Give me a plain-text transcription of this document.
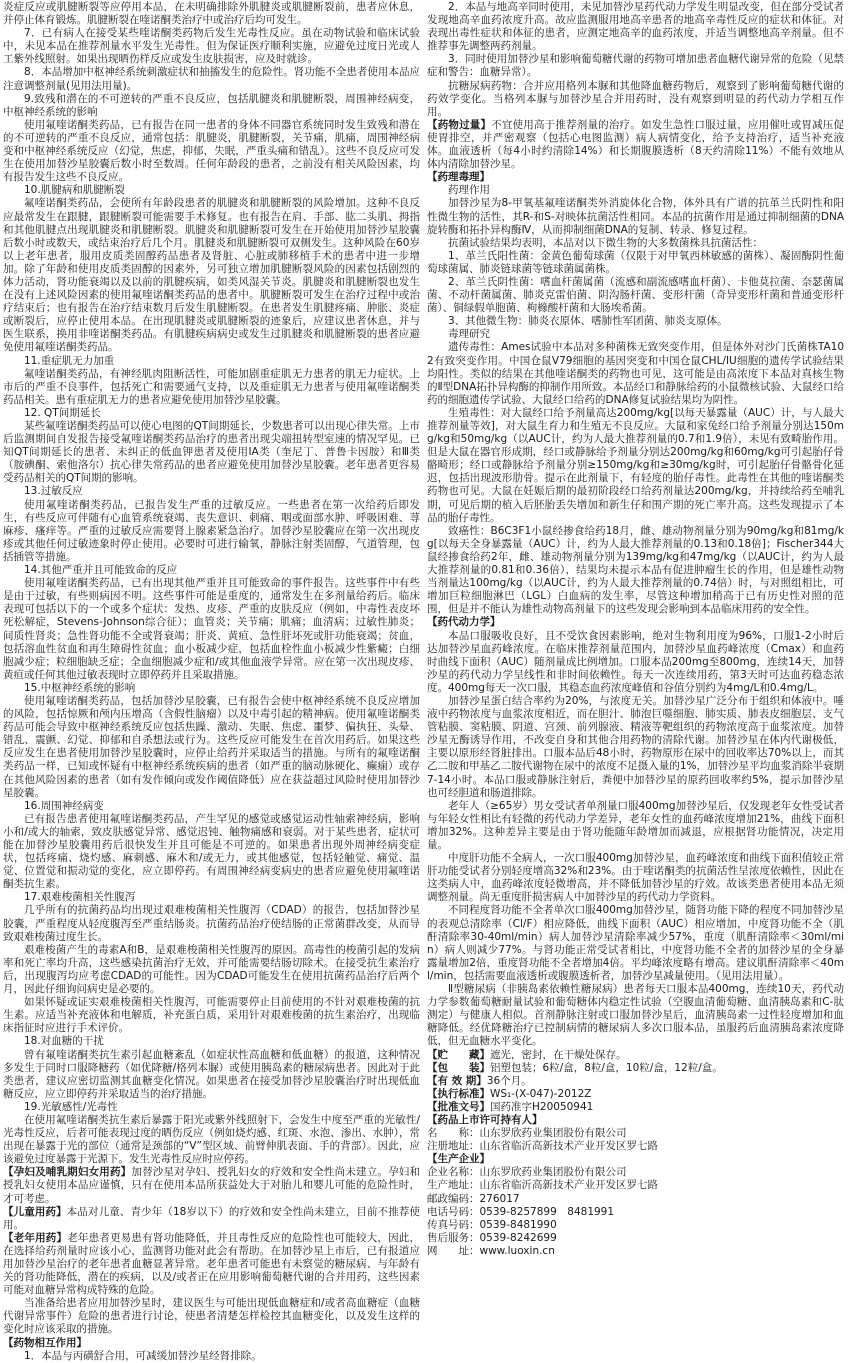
炎症反应或肌腱断裂等应停用本品，在未明确排除外肌腱炎或肌腱断裂前，患者应休息，并停止体育锻炼。肌腱断裂在喹诺酮类治疗中或治疗后均可发生。

7．已有病人在接受某些喹诺酮类药物后发生光毒性反应。虽在动物试验和临床试验中，未见本品在推荐剂量水平发生光毒性。但为保证医疗顺利实施，应避免过度日光或人工紫外线照射。如果出现晒伤样反应或发生皮肤损害，应及时就诊。

8．本品增加中枢神经系统刺激症状和抽搐发生的危险性。肾功能不全患者使用本品应注意调整剂量(见用法用量)。

9.致残和潜在的不可逆转的严重不良反应，包括肌腱炎和肌腱断裂，周围神经病变，中枢神经系统的影响

使用氟喹诺酮类药品，已有报告在同一患者的身体不同器官系统同时发生致残和潜在的不可逆转的严重不良反应，通常包括：肌腱炎，肌腱断裂，关节痛，肌痛，周围神经病变和中枢神经系统反应（幻觉，焦虑，抑郁，失眠，严重头痛和错乱）。这些不良反应可发生在使用加替沙星胶囊后数小时至数周。任何年龄段的患者，之前没有相关风险因素，均有报告发生这些不良反应。

10.肌腱病和肌腱断裂

氟喹诺酮类药品，会使所有年龄段患者的肌腱炎和肌腱断裂的风险增加。这种不良反应最常发生在跟腱，跟腱断裂可能需要手术修复。也有报告在肩、手部、肱二头肌、拇指和其他肌腱点出现肌腱炎和肌腱断裂。肌腱炎和肌腱断裂可发生在开始使用加替沙星胶囊后数小时或数天，或结束治疗后几个月。肌腱炎和肌腱断裂可双侧发生。这种风险在60岁以上老年患者，服用皮质类固醇药品患者及肾脏、心脏或肺移植手术的患者中进一步增加。除了年龄和使用皮质类固醇的因素外，另可独立增加肌腱断裂风险的因素包括剧烈的体力活动，肾功能衰竭以及以前的肌腱疾病，如类风湿关节炎。肌腱炎和肌腱断裂也发生在没有上述风险因素的使用氟喹诺酮类药品的患者中。肌腱断裂可发生在治疗过程中或治疗结束后；也有报告在治疗结束数月后发生肌腱断裂。在患者发生肌腱疼痛、肿胀、炎症或断裂后，应停止使用本品。在出现肌腱炎或肌腱断裂的迹象后，应建议患者休息，并与医生联系，换用非喹诺酮类药品。有肌腱疾病病史或发生过肌腱炎和肌腱断裂的患者应避免使用氟喹诺酮类药品。

11.重症肌无力加重

氟喹诺酮类药品，有神经肌肉阻断活性，可能加剧重症肌无力患者的肌无力症状。上市后的严重不良事件，包括死亡和需要通气支持，以及重症肌无力患者与使用氟喹诺酮类药品相关。患有重症肌无力的患者应避免使用加替沙星胶囊。

12. QT间期延长

某些氟喹诺酮类药品可以使心电图的QT间期延长，少数患者可以出现心律失常。上市后监测期间自发报告接受氟喹诺酮类药品治疗的患者出现尖端扭转型室速的情况罕见。已知QT间期延长的患者、未纠正的低血钾患者及使用IA类（奎尼丁、普鲁卡因胺）和Ⅲ类（胺碘酮、索他洛尔）抗心律失常药品的患者应避免使用加替沙星胶囊。老年患者更容易受药品相关的QT间期的影响。

13.过敏反应

使用氟喹诺酮类药品，已报告发生严重的过敏反应。一些患者在第一次给药后即发生，有些反应可伴随有心血管系统衰竭、丧失意识、刺痛、咽或面部水肿、呼吸困难、荨麻疹、瘙痒等。严重的过敏反应需要肾上腺素紧急治疗。加替沙星胶囊应在第一次出现皮疹或其他任何过敏迹象时停止使用。必要时可进行输氧，静脉注射类固醇，气道管理，包括插管等措施。

14.其他严重并且可能致命的反应

使用氟喹诺酮类药品，已有出现其他严重并且可能致命的事件报告。这些事件中有些是由于过敏，有些则病因不明。这些事件可能是重度的，通常发生在多剂量给药后。临床表现可包括以下的一个或多个症状：发热、皮疹、严重的皮肤反应（例如，中毒性表皮坏死松解症，Stevens-Johnson综合征）；血管炎；关节痛；肌痛；血清病；过敏性肺炎；间质性肾炎；急性肾功能不全或肾衰竭；肝炎、黄疸、急性肝坏死或肝功能衰竭；贫血，包括溶血性贫血和再生障碍性贫血；血小板减少症，包括血栓性血小板减少性紫癜；白细胞减少症；粒细胞缺乏症；全血细胞减少症和/或其他血液学异常。应在第一次出现皮疹、黄疸或任何其他过敏表现时立即停药并且采取措施。

15.中枢神经系统的影响

使用氟喹诺酮类药品，包括加替沙星胶囊，已有报告会使中枢神经系统不良反应增加的风险，包括惊厥和颅内压增高（含假性脑瘤）以及中毒引起的精神病。使用氟喹诺酮类药品可能会导致中枢神经系统反应包括焦躁、激动、失眠、焦虑、噩梦、偏执狂、头晕、错乱、震颤、幻觉、抑郁和自杀想法或行为。这些反应可能发生在首次用药后。如果这些反应发生在患者使用加替沙星胶囊时，应停止给药并采取适当的措施。与所有的氟喹诺酮类药品一样，已知或怀疑有中枢神经系统疾病的患者（如严重的脑动脉硬化、癫痫）或存在其他风险因素的患者（如有发作倾向或发作阈值降低）应在获益超过风险时使用加替沙星胶囊。

16.周围神经病变

已有报告患者使用氟喹诺酮类药品，产生罕见的感觉或感觉运动性轴索神经病，影响小和/或大的轴索，致皮肤感觉异常、感觉迟钝、触物痛感和衰弱。对于某些患者，症状可能在加替沙星胶囊用药后很快发生并且可能是不可逆的。如果患者出现外周神经病变症状，包括疼痛、烧灼感、麻刺感、麻木和/或无力，或其他感觉，包括轻触觉、痛觉、温觉、位置觉和振动觉的变化，应立即停药。有周围神经病变病史的患者应避免使用氟喹诺酮类抗生素。

17.艰难梭菌相关性腹泻

几乎所有的抗菌药品均出现过艰难梭菌相关性腹泻（CDAD）的报告，包括加替沙星胶囊，严重程度从轻度腹泻至严重结肠炎。抗菌药品治疗使结肠的正常菌群改变，从而导致艰难梭菌过度生长。

艰难梭菌产生的毒素A和B，是艰难梭菌相关性腹泻的原因。高毒性的梭菌引起的发病率和死亡率均升高，这些感染抗菌治疗无效，并可能需要结肠切除术。在接受抗生素治疗后，出现腹泻均应考虑CDAD的可能性。因为CDAD可能发生在使用抗菌药品治疗后两个月，因此仔细询问病史是必要的。

如果怀疑或证实艰难梭菌相关性腹泻，可能需要停止目前使用的不针对艰难梭菌的抗生素。应适当补充液体和电解质，补充蛋白质，采用针对艰难梭菌的抗生素治疗，出现临床指征时应进行手术评价。

18.对血糖的干扰

曾有氟喹诺酮类抗生素引起血糖紊乱（如症状性高血糖和低血糖）的报道，这种情况多发生于同时口服降糖药（如优降糖/格列本脲）或使用胰岛素的糖尿病患者。因此对于此类患者，建议应密切监测其血糖变化情况。如果患者在接受加替沙星胶囊治疗时出现低血糖反应，应立即停药并采取适当的治疗措施。

19.光敏感性/光毒性

在使用氟喹诺酮类抗生素后暴露于阳光或紫外线照射下，会发生中度至严重的光敏性/光毒性反应，后者可能表现过度的晒伤反应（例如烧灼感、红斑、水泡、渗出、水肿），常出现在暴露于光的部位（通常是颈部的“V”型区域、前臂伸肌表面、手的背部）。因此，应该避免过度暴露于光源下。发生光毒性反应时应停药。

【孕妇及哺乳期妇女用药】加替沙星对孕妇、授乳妇女的疗效和安全性尚未建立。孕妇和授乳妇女使用本品应谨慎，只有在使用本品所获益处大于对胎儿和婴儿可能的危险性时，才可考虑。

【儿童用药】本品对儿童、青少年（18岁以下）的疗效和安全性尚未建立，目前不推荐使用。

【老年用药】老年患者更易患有肾功能降低，并且毒性反应的危险性也可能较大，因此，在选择给药剂量时应该小心，监测肾功能对此会有帮助。在加替沙星上市后，已有报道应用加替沙星治疗的老年患者血糖显著异常。老年患者可能患有未察觉的糖尿病、与年龄有关的肾功能降低，潜在的疾病，以及/或者正在应用影响葡萄糖代谢的合并用药，这些因素可能对血糖异常构成特殊的危险。

当准备给患者应用加替沙星时，建议医生与可能出现低血糖症和/或者高血糖症（血糖代谢异常事件）危险的患者进行讨论，使患者清楚怎样检控其血糖变化，以及发生这样的变化时应该采取的措施。

【药物相互作用】

1．本品与丙磺舒合用，可减缓加替沙星经肾排除。

2．本品与地高辛同时使用，未见加替沙星药代动力学发生明显改变，但在部分受试者发现地高辛血药浓度升高。故应监测服用地高辛患者的地高辛毒性反应的症状和体征。对表现出毒性症状和体征的患者，应测定地高辛的血药浓度，并适当调整地高辛剂量。但不推荐事先调整两药剂量。

3．同时使用加替沙星和影响葡萄糖代谢的药物可增加患者血糖代谢异常的危险（见禁症和警告：血糖异常）。

抗糖尿病药物：合并应用格列本脲和其他降血糖药物后，观察到了影响葡萄糖代谢的药效学变化。当格列本脲与加替沙星合并用药时，没有观察到明显的药代动力学相互作用。

【药物过量】不宜使用高于推荐剂量的治疗。如发生急性口服过量，应用催吐或胃减压促使胃排空，并严密观察（包括心电图监测）病人病情变化，给予支持治疗，适当补充液体。血液透析（每4小时约清除14%）和长期腹膜透析（8天约清除11%）不能有效地从体内清除加替沙星。

【药理毒理】

药理作用

加替沙星为8-甲氧基氟喹诺酮类外消旋体化合物，体外具有广谱的抗革兰氏阴性和阳性微生物的活性，其R-和S-对映体抗菌活性相同。本品的抗菌作用是通过抑制细菌的DNA旋转酶和拓扑异构酶Ⅳ，从而抑制细菌DNA的复制、转录、修复过程。

抗菌试验结果均表明，本品对以下微生物的大多数菌株具抗菌活性：

1、革兰氏阳性菌：金黄色葡萄球菌（仅限于对甲氧西林敏感的菌株）、凝固酶阴性葡萄球菌属、肺炎链球菌等链球菌属菌株。

2、革兰氏阴性菌：嗜血杆菌属菌（流感和副流感嗜血杆菌）、卡他莫拉菌、奈瑟菌属菌、不动杆菌属菌、肺炎克雷伯菌、阴沟肠杆菌、变形杆菌（奇异变形杆菌和普通变形杆菌）、铜绿假单胞菌、枸橼酸杆菌和大肠埃希菌。

3、其他微生物：肺炎衣原体、嗜肺性军团菌、肺炎支原体。

毒理研究

遗传毒性：Ames试验中本品对多种菌株无致突变作用，但是体外对沙门氏菌株TA102有致突变作用。中国仓鼠V79细胞的基因突变和中国仓鼠CHL/IU细胞的遗传学试验结果均阳性。类似的结果在其他喹诺酮类的药物也可见，这可能是由高浓度下本品对真核生物的Ⅱ型DNA拓扑异构酶的抑制作用所致。本品经口和静脉给药的小鼠微核试验、大鼠经口给药的细胞遗传学试验、大鼠经口给药的DNA修复试验结果均为阴性。

生殖毒性：对大鼠经口给予剂量高达200mg/kg[以每天暴露量（AUC）计，与人最大推荐剂量等效]，对大鼠生育力和生殖无不良反应。大鼠和家兔经口给予剂量分别达150mg/kg和50mg/kg（以AUC计，约为人最大推荐剂量的0.7和1.9倍），未见有致畸胎作用。但是大鼠在器官形成期，经口或静脉给予剂量分别达200mg/kg和60mg/kg可引起胎仔骨骼畸形；经口或静脉给予剂量分别≥150mg/kg和≥30mg/kg时，可引起胎仔骨骼骨化延迟，包括出现波形肋骨。提示在此剂量下，有轻度的胎仔毒性。此毒性在其他的喹诺酮类药物也可见。大鼠在妊娠后期的最初阶段经口给药剂量达200mg/kg，并持续给药至哺乳期，可见后期的植入后胚胎丢失增加和新生仔和围产期的死亡率升高。这些发现提示了本品的胎仔毒性。

致癌性：B6C3F1小鼠经掺食给药18月，雌、雄动物剂量分别为90mg/kg和81mg/kg[以每天全身暴露量（AUC）计，约为人最大推荐剂量的0.13和0.18倍]；Fischer344大鼠经掺食给药2年，雌、雄动物剂量分别为139mg/kg和47mg/kg（以AUC计，约为人最大推荐剂量的0.81和0.36倍），结果均未提示本品有促进肿瘤生长的作用，但是雄性动物当剂量达100mg/kg（以AUC计，约为人最大推荐剂量的0.74倍）时，与对照组相比，可增加巨粒细胞淋巴（LGL）白血病的发生率，尽管这种增加稍高于已有历史性对照的范围，但是并不能认为雄性动物高剂量下的这些发现会影响到本品临床用药的安全性。

【药代动力学】

本品口服吸收良好，且不受饮食因素影响，绝对生物利用度为96%，口服1-2小时后达加替沙星血药峰浓度。在临床推荐剂量范围内，加替沙星血药峰浓度（Cmax）和血药时曲线下面积（AUC）随剂量成比例增加。口服本品200mg至800mg，连续14天，加替沙星的药代动力学呈线性和非时间依赖性。每天一次连续用药，第3天时可达血药稳态浓度。400mg每天一次口服，其稳态血药浓度峰值和谷值分别约为4mg/L和0.4mg/L。

加替沙星蛋白结合率约为20%，与浓度无关。加替沙星广泛分布于组织和体液中。唾液中药物浓度与血浆浓度相近，而在胆汁、肺泡巨噬细胞、肺实质、肺表皮细胞层、支气管粘膜、窦粘膜、阴道、宫颈、前列腺液、精液等靶组织的药物浓度高于血浆浓度。加替沙星无酶诱导作用，不改变自身和其他合用药物的清除代谢。加替沙星在体内代谢极低，主要以原形经肾脏排出。口服本品后48小时，药物原形在尿中的回收率达70%以上，而其乙二胺和甲基乙二胺代谢物在尿中的浓度不足摄入量的1%，加替沙星平均血浆消除半衰期7-14小时。本品口服或静脉注射后，粪便中加替沙星的原药回收率约5%，提示加替沙星也可经胆道和肠道排除。

老年人（≥65岁）男女受试者单剂量口服400mg加替沙星后，仅发现老年女性受试者与年轻女性相比有轻微的药代动力学差异，老年女性的血药峰浓度增加21%，曲线下面积增加32%。这种差异主要是由于肾功能随年龄增加而减退，应根据肾功能情况，决定用量。

中度肝功能不全病人，一次口服400mg加替沙星，血药峰浓度和曲线下面积值较正常肝功能受试者分别轻度增高32%和23%。由于喹诺酮类的抗菌活性呈浓度依赖性，因此在这类病人中，血药峰浓度轻微增高，并不降低加替沙星的疗效。故该类患者使用本品无须调整剂量。尚无重度肝损害病人中加替沙星的药代动力学资料。

不同程度肾功能不全者单次口服400mg加替沙星，随肾功能下降的程度不同加替沙星的表观总清除率（Cl/F）相应降低，曲线下面积（AUC）相应增加，中度肾功能不全（肌酐清除率30-40ml/min）病人加替沙星清除率减少57%，重度（肌酐清除率＜30ml/min）病人则减少77%。与肾功能正常受试者相比，中度肾功能不全者的加替沙星的全身暴露量增加2倍，重度肾功能不全者增加4倍。平均峰浓度略有增高。建议肌酐清除率＜40ml/min，包括需要血液透析或腹膜透析者，加替沙星减量使用。（见用法用量）。

Ⅱ型糖尿病（非胰岛素依赖性糖尿病）患者每天口服本品400mg，连续10天，药代动力学参数葡萄糖耐量试验和葡萄糖体内稳定性试验（空腹血清葡萄糖、血清胰岛素和C-肽测定）与健康人相似。首剂静脉注射或口服加替沙星后，血清胰岛素一过性轻度增加和血糖降低。经优降糖治疗已控制病情的糖尿病人多次口服本品，虽服药后血清胰岛素浓度降低，但无血糖水平变化。

【贮　　藏】遮光，密封，在干燥处保存。

【包　　装】铝塑包装；6粒/盒，8粒/盒，10粒/盒，12粒/盒。

【有 效 期】36个月。

【执行标准】WS₁-(X-047)-2012Z

【批准文号】国药准字H20050941

【药品上市许可持有人】

名　　称：山东罗欣药业集团股份有限公司

注册地址：山东省临沂高新技术产业开发区罗七路

【生产企业】

企业名称：山东罗欣药业集团股份有限公司

生产地址：山东省临沂高新技术产业开发区罗七路

邮政编码：276017

电话号码：0539-8257899　8481991

传真号码：0539-8481990

售后服务：0539-8242699

网　　址：www.luoxin.cn
